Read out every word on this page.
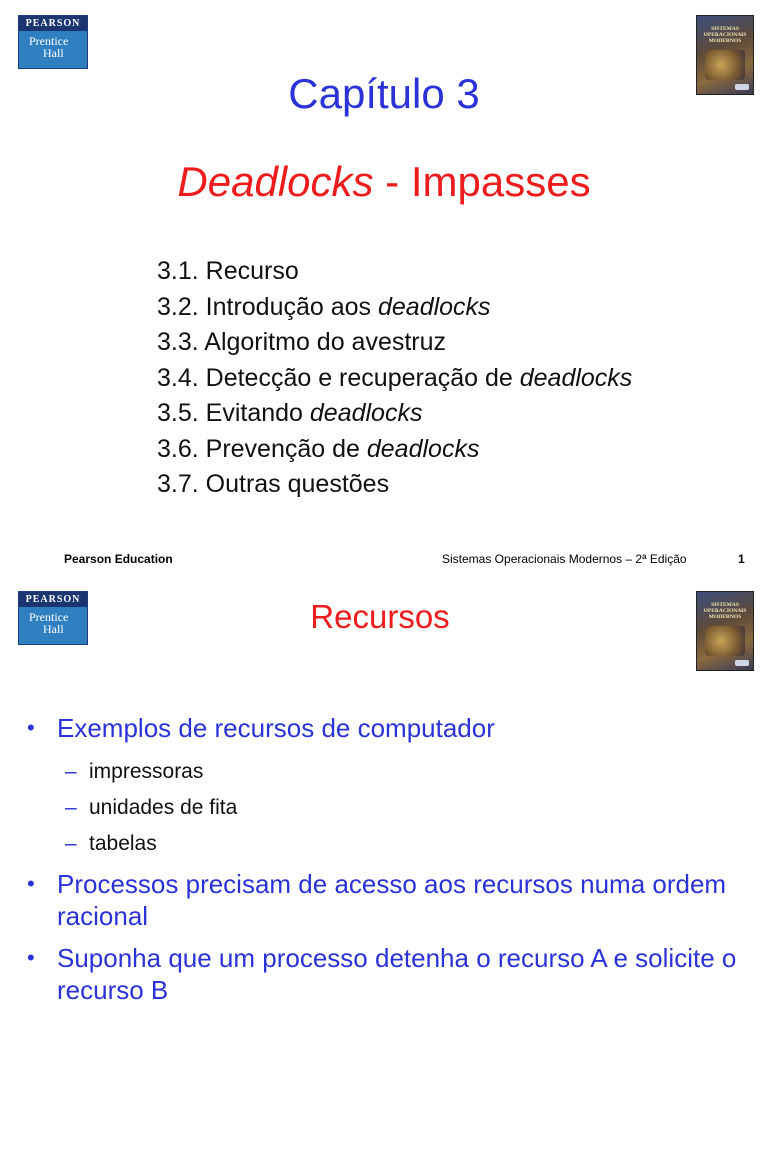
PEARSON
Prentice
Hall
SISTEMAS OPERACIONAIS MODERNOS
Capítulo 3
Deadlocks - Impasses
3.1. Recurso
3.2. Introdução aos deadlocks
3.3. Algoritmo do avestruz
3.4. Detecção e recuperação de deadlocks
3.5. Evitando deadlocks
3.6. Prevenção de deadlocks
3.7. Outras questões
Pearson Education	Sistemas Operacionais Modernos – 2ª Edição	1
PEARSON
Prentice
Hall
SISTEMAS OPERACIONAIS MODERNOS
Recursos
• Exemplos de recursos de computador
– impressoras
– unidades de fita
– tabelas
• Processos precisam de acesso aos recursos numa ordem racional
• Suponha que um processo detenha o recurso A e solicite o recurso B
